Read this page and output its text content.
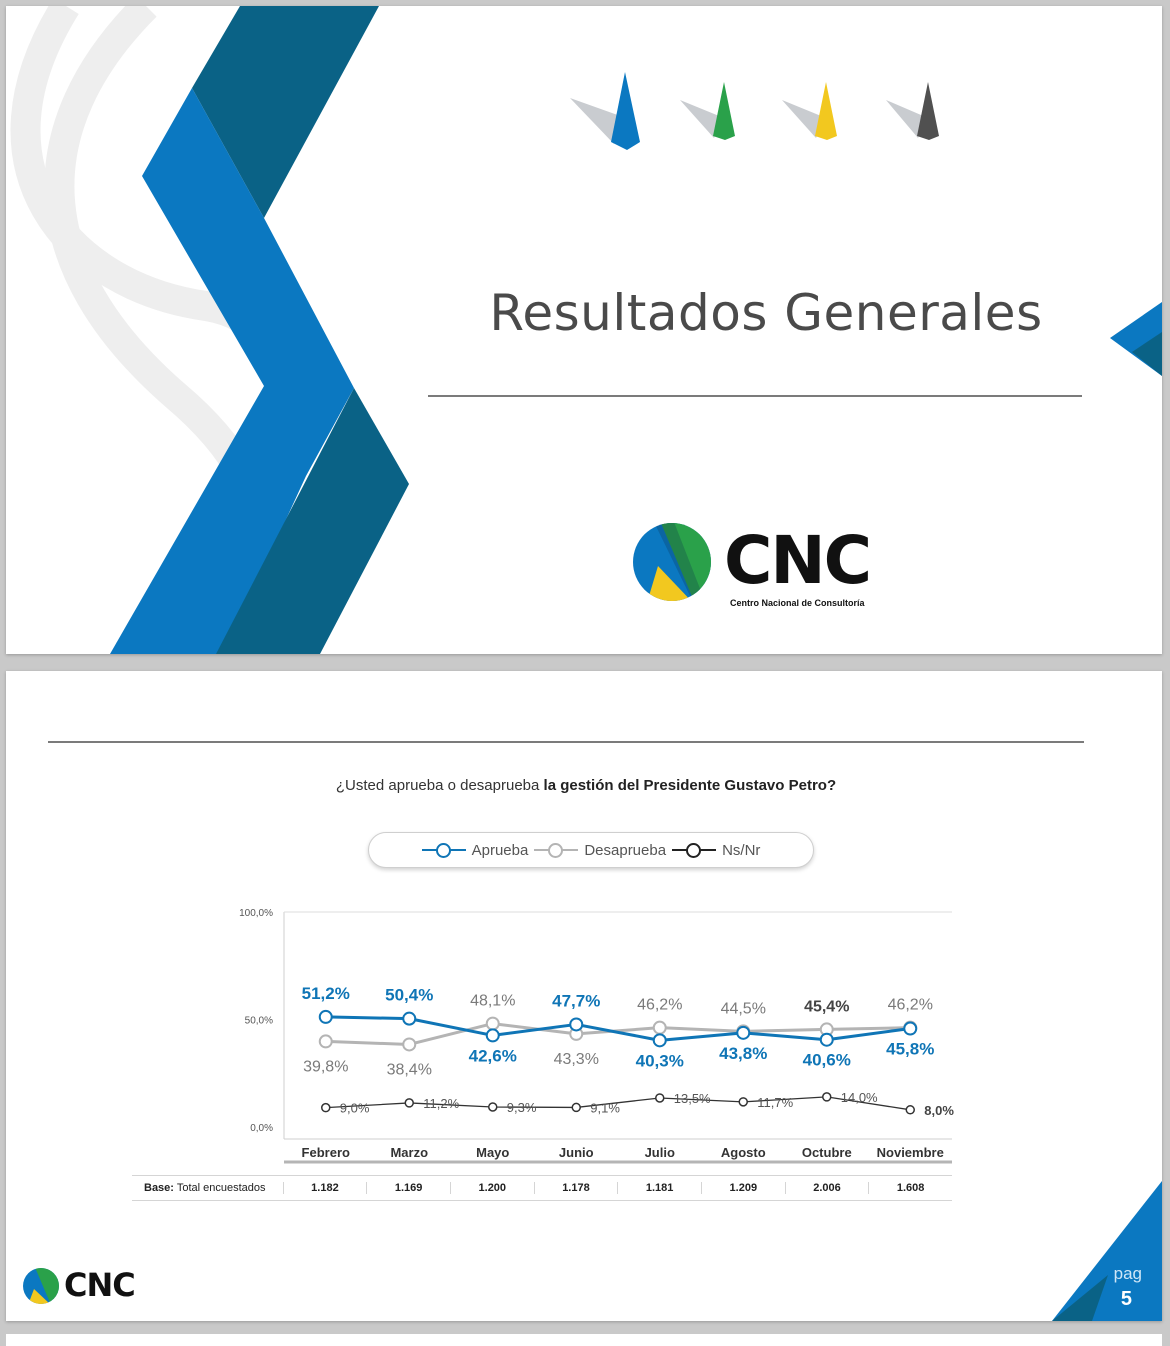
Resultados Generales
CNC
Centro Nacional de Consultoría
¿Usted aprueba o desaprueba la gestión del Presidente Gustavo Petro?
Aprueba	Desaprueba	Ns/Nr
0,0%
50,0%
100,0%
Febrero	Marzo	Mayo	Junio	Julio	Agosto	Octubre Noviembre
51,2% 50,4%
42,6%
47,7%
40,3% 43,8% 40,6%
45,8%
39,8% 38,4%
48,1%
43,3%
46,2% 44,5% 45,4% 46,2%
9,0%	11,2%	9,3%	9,1%
13,5%	11,7%	14,0%
8,0%
Base: Total encuestados	1.182	1.169	1.200	1.178	1.181	1.209	2.006	1.608
CNC	pag
5
